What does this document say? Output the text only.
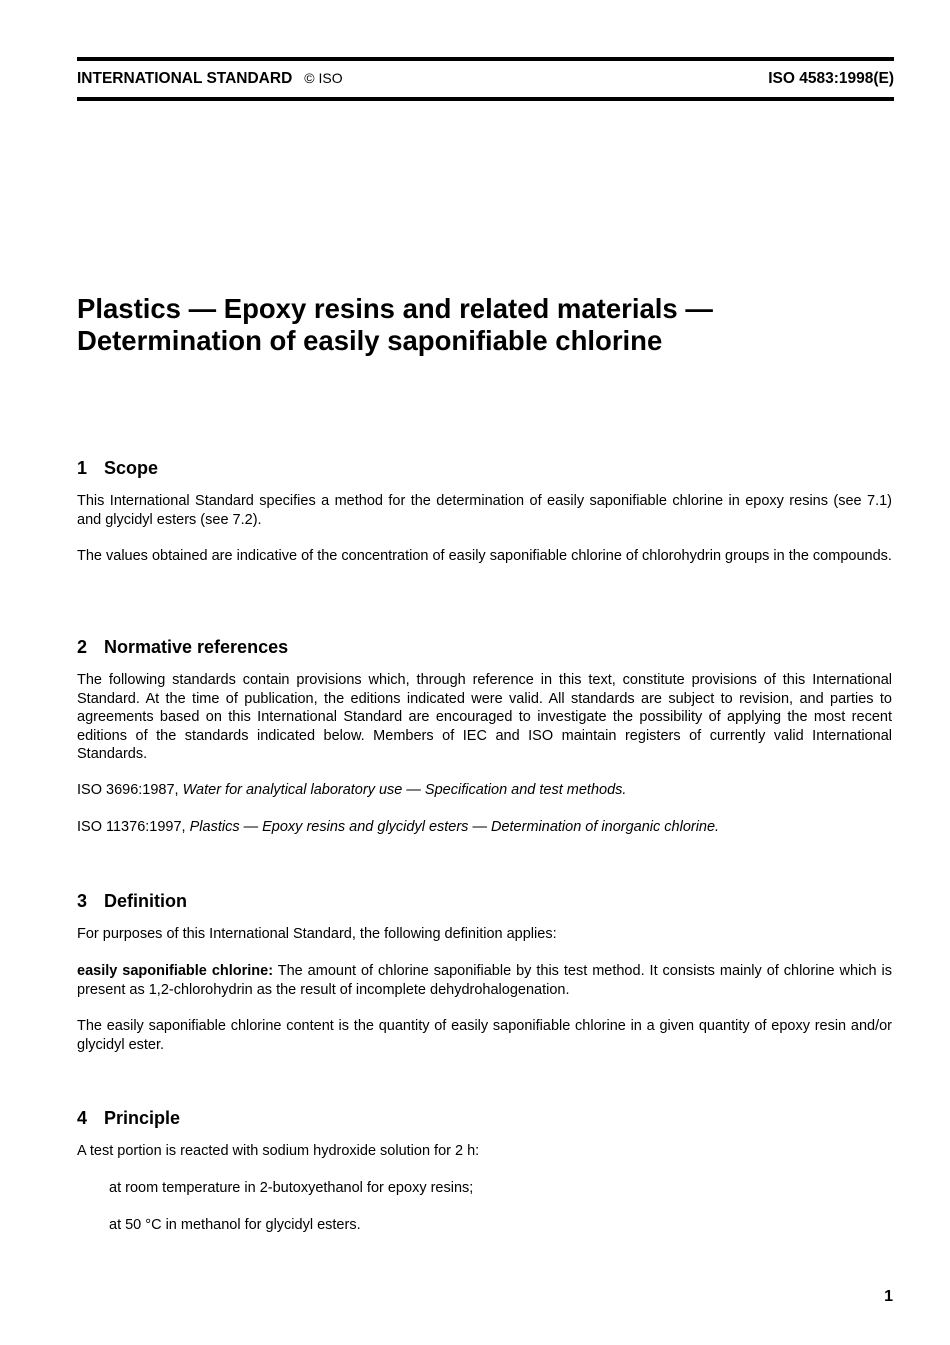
INTERNATIONAL STANDARD © ISO	ISO 4583:1998(E)
Plastics — Epoxy resins and related materials —
Determination of easily saponifiable chlorine
1 Scope

This International Standard specifies a method for the determination of easily saponifiable chlorine in epoxy resins (see 7.1) and glycidyl esters (see 7.2).

The values obtained are indicative of the concentration of easily saponifiable chlorine of chlorohydrin groups in the compounds.

2 Normative references

The following standards contain provisions which, through reference in this text, constitute provisions of this International Standard. At the time of publication, the editions indicated were valid. All standards are subject to revision, and parties to agreements based on this International Standard are encouraged to investigate the possibility of applying the most recent editions of the standards indicated below. Members of IEC and ISO maintain registers of currently valid International Standards.

ISO 3696:1987, Water for analytical laboratory use — Specification and test methods.

ISO 11376:1997, Plastics — Epoxy resins and glycidyl esters — Determination of inorganic chlorine.

3 Definition

For purposes of this International Standard, the following definition applies:

easily saponifiable chlorine: The amount of chlorine saponifiable by this test method. It consists mainly of chlorine which is present as 1,2-chlorohydrin as the result of incomplete dehydrohalogenation.

The easily saponifiable chlorine content is the quantity of easily saponifiable chlorine in a given quantity of epoxy resin and/or glycidyl ester.

4 Principle

A test portion is reacted with sodium hydroxide solution for 2 h:

at room temperature in 2-butoxyethanol for epoxy resins;

at 50 °C in methanol for glycidyl esters.

1
